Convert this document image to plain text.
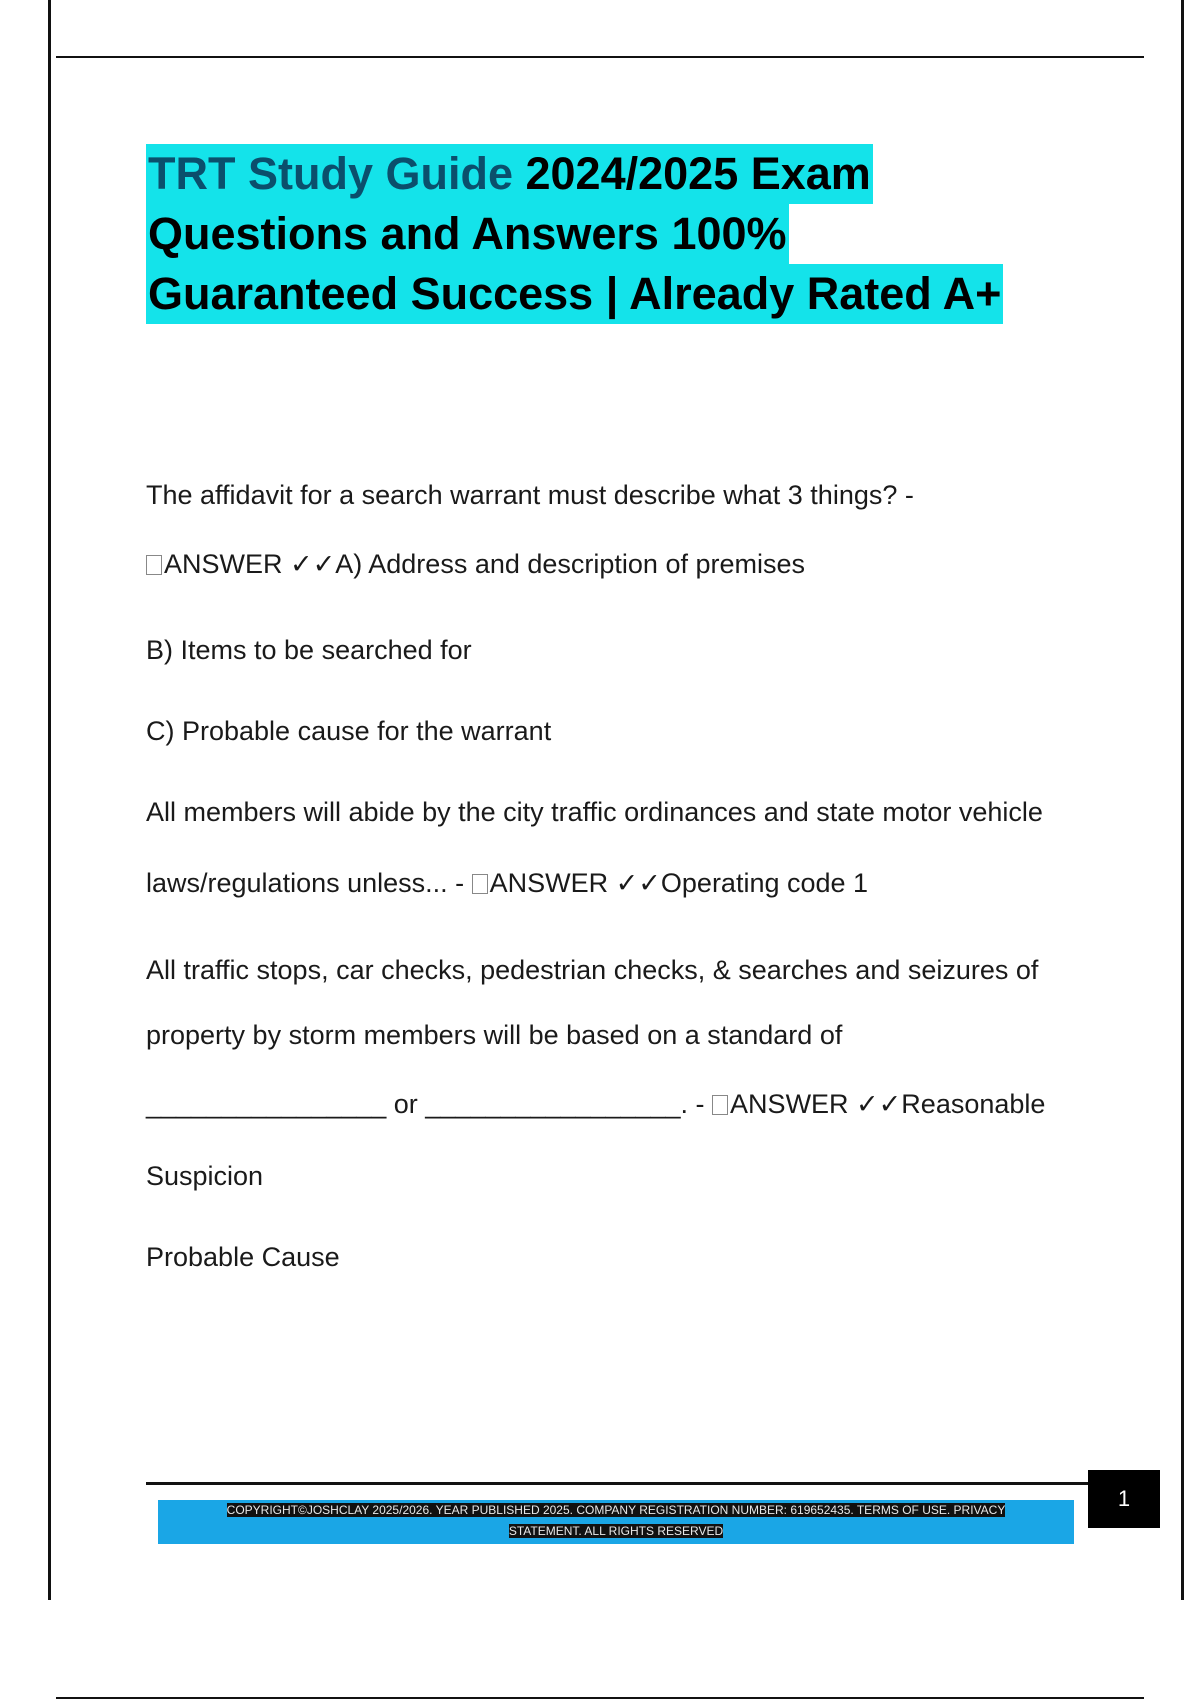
TRT Study Guide 2024/2025 Exam
Questions and Answers 100%
Guaranteed Success | Already Rated A+

The affidavit for a search warrant must describe what 3 things? -

ANSWER ✓✓A) Address and description of premises

B) Items to be searched for

C) Probable cause for the warrant

All members will abide by the city traffic ordinances and state motor vehicle

laws/regulations unless... - ANSWER ✓✓Operating code 1

All traffic stops, car checks, pedestrian checks, & searches and seizures of

property by storm members will be based on a standard of

________________ or _________________. - ANSWER ✓✓Reasonable

Suspicion

Probable Cause

COPYRIGHT©JOSHCLAY 2025/2026. YEAR PUBLISHED 2025. COMPANY REGISTRATION NUMBER: 619652435. TERMS OF USE. PRIVACY
STATEMENT. ALL RIGHTS RESERVED
1
